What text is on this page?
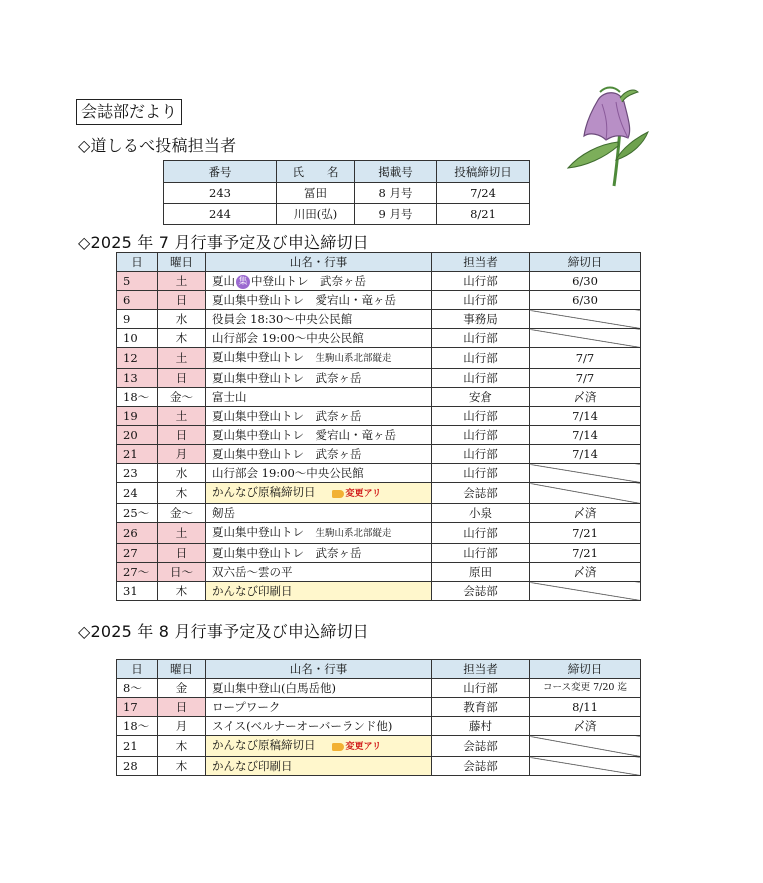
会誌部だより
◇道しるべ投稿担当者
番号	氏　　名	掲載号	投稿締切日
243	冨田	8 月号	7/24
244	川田(弘)	9 月号	8/21
◇2025 年 7 月行事予定及び申込締切日
日	曜日	山名・行事	担当者	締切日
5	土	夏山 集 中登山トレ　武奈ヶ岳	山行部	6/30
6	日	夏山集中登山トレ　愛宕山・竜ヶ岳	山行部	6/30
9	水	役員会 18:30～中央公民館	事務局	
10	木	山行部会 19:00～中央公民館	山行部	
12	土	夏山集中登山トレ　生駒山系北部縦走	山行部	7/7
13	日	夏山集中登山トレ　武奈ヶ岳	山行部	7/7
18～	金～	富士山	安倉	〆済
19	土	夏山集中登山トレ　武奈ヶ岳	山行部	7/14
20	日	夏山集中登山トレ　愛宕山・竜ヶ岳	山行部	7/14
21	月	夏山集中登山トレ　武奈ヶ岳	山行部	7/14
23	水	山行部会 19:00～中央公民館	山行部	
24	木	かんなび原稿締切日 変更アリ	会誌部	
25～	金～	剱岳	小泉	〆済
26	土	夏山集中登山トレ　生駒山系北部縦走	山行部	7/21
27	日	夏山集中登山トレ　武奈ヶ岳	山行部	7/21
27～	日～	双六岳～雲の平	原田	〆済
31	木	かんなび印刷日	会誌部	
◇2025 年 8 月行事予定及び申込締切日
日	曜日	山名・行事	担当者	締切日
8～	金	夏山集中登山(白馬岳他)	山行部	コース変更 7/20 迄
17	日	ロープワーク	教育部	8/11
18～	月	スイス(ベルナーオーバーランド他)	藤村	〆済
21	木	かんなび原稿締切日 変更アリ	会誌部	
28	木	かんなび印刷日	会誌部	
